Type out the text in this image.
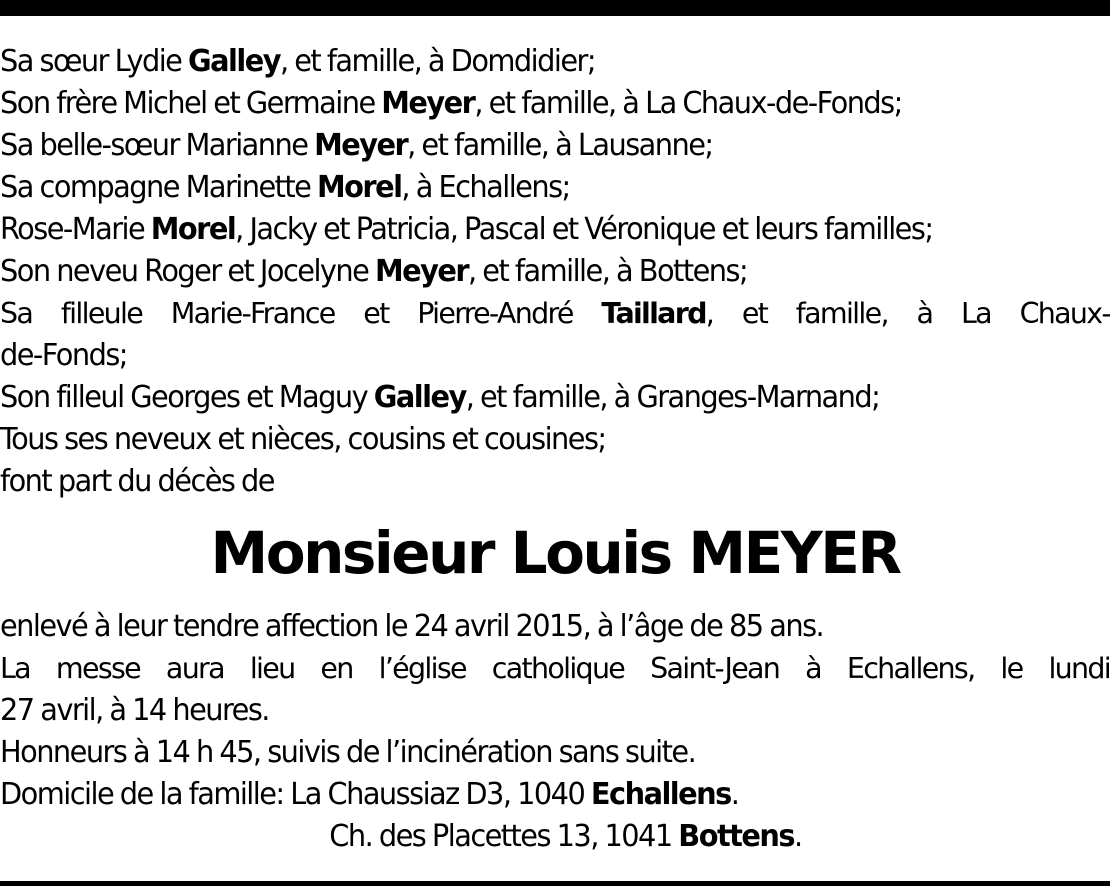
Sa sœur Lydie Galley, et famille, à Domdidier;
Son frère Michel et Germaine Meyer, et famille, à La Chaux-de-Fonds;
Sa belle-sœur Marianne Meyer, et famille, à Lausanne;
Sa compagne Marinette Morel, à Echallens;
Rose-Marie Morel, Jacky et Patricia, Pascal et Véronique et leurs familles;
Son neveu Roger et Jocelyne Meyer, et famille, à Bottens;
Sa filleule Marie-France et Pierre-André Taillard, et famille, à La Chaux-
de-Fonds;
Son filleul Georges et Maguy Galley, et famille, à Granges-Marnand;
Tous ses neveux et nièces, cousins et cousines;
font part du décès de
Monsieur Louis MEYER
enlevé à leur tendre affection le 24 avril 2015, à l’âge de 85 ans.
La messe aura lieu en l’église catholique Saint-Jean à Echallens, le lundi
27 avril, à 14 heures.
Honneurs à 14 h 45, suivis de l’incinération sans suite.
Domicile de la famille: La Chaussiaz D3, 1040 Echallens.
Ch. des Placettes 13, 1041 Bottens.
